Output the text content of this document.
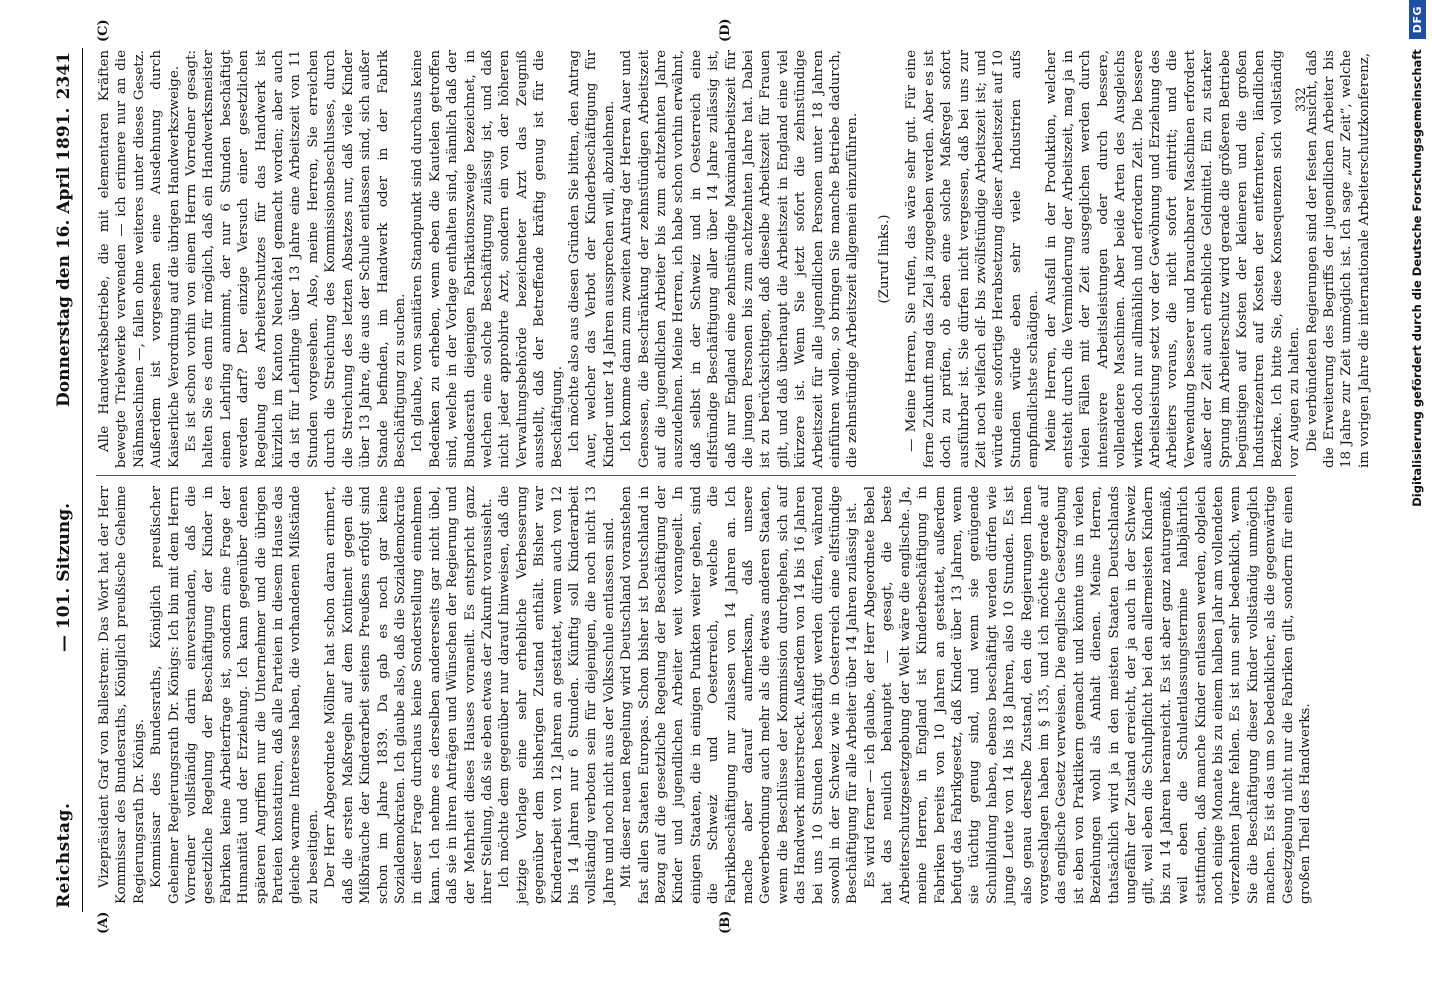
Reichstag.
— 101. Sitzung.
Donnerstag den 16. April 1891.
2341
(A)	(B)
(C)	(D)

Vizepräsident Graf von Ballestrem: Das Wort hat der Herr Kommissar des Bundesraths, Königlich preußische Geheime Regierungsrath Dr. Königs. Kommissar des Bundesraths, Königlich preußischer Geheimer Regierungsrath Dr. Königs: Ich bin mit dem Herrn Vorredner vollständig darin einverstanden, daß die gesetzliche Regelung der Beschäftigung der Kinder in Fabriken keine Arbeiterfrage ist, sondern eine Frage der Humanität und der Erziehung. Ich kann gegenüber denen späteren Angriffen nur die Unternehmer und die übrigen Parteien konstatiren, daß alle Parteien in diesem Hause das gleiche warme Interesse haben, die vorhandenen Mißstände zu beseitigen. Der Herr Abgeordnete Möllner hat schon daran erinnert, daß die ersten Maßregeln auf dem Kontinent gegen die Mißbräuche der Kinderarbeit seitens Preußens erfolgt sind schon im Jahre 1839. Da gab es noch gar keine Sozialdemokraten. Ich glaube also, daß die Sozialdemokratie in dieser Frage durchaus keine Sonderstellung einnehmen kann. Ich nehme es derselben andererseits gar nicht übel, daß sie in ihren Anträgen und Wünschen der Regierung und der Mehrheit dieses Hauses voraneilt. Es entspricht ganz ihrer Stellung, daß sie eben etwas der Zukunft voraussieht. Ich möchte dem gegenüber nur darauf hinweisen, daß die jetzige Vorlage eine sehr erhebliche Verbesserung gegenüber dem bisherigen Zustand enthält. Bisher war Kinderarbeit von 12 Jahren an gestattet, wenn auch von 12 bis 14 Jahren nur 6 Stunden. Künftig soll Kinderarbeit vollständig verboten sein für diejenigen, die noch nicht 13 Jahre und noch nicht aus der Volksschule entlassen sind. Mit dieser neuen Regelung wird Deutschland voranstehen fast allen Staaten Europas. Schon bisher ist Deutschland in Bezug auf die gesetzliche Regelung der Beschäftigung der Kinder und jugendlichen Arbeiter weit vorangeeilt. In einigen Staaten, die in einigen Punkten weiter gehen, sind die Schweiz und Oesterreich, welche die Fabrikbeschäftigung nur zulassen von 14 Jahren an. Ich mache aber darauf aufmerksam, daß unsere Gewerbeordnung auch mehr als die etwas anderen Staaten, wenn die Beschlüsse der Kommission durchgehen, sich auf das Handwerk miterstreckt. Außerdem von 14 bis 16 Jahren bei uns 10 Stunden beschäftigt werden dürfen, während sowohl in der Schweiz wie in Oesterreich eine elfstündige Beschäftigung für alle Arbeiter über 14 Jahren zulässig ist. Es wird ferner — ich glaube, der Herr Abgeordnete Bebel hat das neulich behauptet — gesagt, die beste Arbeiterschutzgesetzgebung der Welt wäre die englische. Ja, meine Herren, in England ist Kinderbeschäftigung in Fabriken bereits von 10 Jahren an gestattet, außerdem befugt das Fabrikgesetz, daß Kinder über 13 Jahren, wenn sie tüchtig genug sind, und wenn sie genügende Schulbildung haben, ebenso beschäftigt werden dürfen wie junge Leute von 14 bis 18 Jahren, also 10 Stunden. Es ist also genau derselbe Zustand, den die Regierungen Ihnen vorgeschlagen haben im § 135, und ich möchte gerade auf das englische Gesetz verweisen. Die englische Gesetzgebung ist eben von Praktikern gemacht und könnte uns in vielen Beziehungen wohl als Anhalt dienen. Meine Herren, thatsächlich wird ja in den meisten Staaten Deutschlands ungefähr der Zustand erreicht, der ja auch in der Schweiz gilt, weil eben die Schulpflicht bei den allermeisten Kindern bis zu 14 Jahren heranreicht. Es ist aber ganz naturgemäß, weil eben die Schulentlassungstermine halbjährlich stattfinden, daß manche Kinder entlassen werden, obgleich noch einige Monate bis zu einem halben Jahr am vollendeten vierzehnten Jahre fehlen. Es ist nun sehr bedenklich, wenn Sie die Beschäftigung dieser Kinder vollständig unmöglich machen. Es ist das um so bedenklicher, als die gegenwärtige Gesetzgebung nicht nur die Fabriken gilt, sondern für einen großen Theil des Handwerks.

Alle Handwerksbetriebe, die mit elementaren Kräften bewegte Triebwerke verwenden — ich erinnere nur an die Nähmaschinen —, fallen ohne weiteres unter dieses Gesetz. Außerdem ist vorgesehen eine Ausdehnung durch Kaiserliche Verordnung auf die übrigen Handwerkszweige. Es ist schon vorhin von einem Herrn Vorredner gesagt: halten Sie es denn für möglich, daß ein Handwerksmeister einen Lehrling annimmt, der nur 6 Stunden beschäftigt werden darf? Der einzige Versuch einer gesetzlichen Regelung des Arbeiterschutzes für das Handwerk ist kürzlich im Kanton Neuchâtel gemacht worden; aber auch da ist für Lehrlinge über 13 Jahre eine Arbeitszeit von 11 Stunden vorgesehen. Also, meine Herren, Sie erreichen durch die Streichung des Kommissionsbeschlusses, durch die Streichung des letzten Absatzes nur, daß viele Kinder über 13 Jahre, die aus der Schule entlassen sind, sich außer Stande befinden, im Handwerk oder in der Fabrik Beschäftigung zu suchen. Ich glaube, vom sanitären Standpunkt sind durchaus keine Bedenken zu erheben, wenn eben die Kautelen getroffen sind, welche in der Vorlage enthalten sind, nämlich daß der Bundesrath diejenigen Fabrikationszweige bezeichnet, in welchen eine solche Beschäftigung zulässig ist, und daß nicht jeder approbirte Arzt, sondern ein von der höheren Verwaltungsbehörde bezeichneter Arzt das Zeugniß ausstellt, daß der Betreffende kräftig genug ist für die Beschäftigung. Ich möchte also aus diesen Gründen Sie bitten, den Antrag Auer, welcher das Verbot der Kinderbeschäftigung für Kinder unter 14 Jahren aussprechen will, abzulehnen. Ich komme dann zum zweiten Antrag der Herren Auer und Genossen, die Beschränkung der zehnstündigen Arbeitszeit auf die jugendlichen Arbeiter bis zum achtzehnten Jahre auszudehnen. Meine Herren, ich habe schon vorhin erwähnt, daß selbst in der Schweiz und in Oesterreich eine elfstündige Beschäftigung aller über 14 Jahre zulässig ist, daß nur England eine zehnstündige Maximalarbeitszeit für die jungen Personen bis zum achtzehnten Jahre hat. Dabei ist zu berücksichtigen, daß dieselbe Arbeitszeit für Frauen gilt, und daß überhaupt die Arbeitszeit in England eine viel kürzere ist. Wenn Sie jetzt sofort die zehnstündige Arbeitszeit für alle jugendlichen Personen unter 18 Jahren einführen wollen, so bringen Sie manche Betriebe dadurch, die zehnstündige Arbeitszeit allgemein einzuführen. (Zuruf links.) — Meine Herren, Sie rufen, das wäre sehr gut. Für eine ferne Zukunft mag das Ziel ja zugegeben werden. Aber es ist doch zu prüfen, ob eben eine solche Maßregel sofort ausführbar ist. Sie dürfen nicht vergessen, daß bei uns zur Zeit noch vielfach elf- bis zwölfstündige Arbeitszeit ist; und würde eine sofortige Herabsetzung dieser Arbeitszeit auf 10 Stunden würde eben sehr viele Industrien aufs empfindlichste schädigen. Meine Herren, der Ausfall in der Produktion, welcher entsteht durch die Verminderung der Arbeitszeit, mag ja in vielen Fällen mit der Zeit ausgeglichen werden durch intensivere Arbeitsleistungen oder durch bessere, vollendetere Maschinen. Aber beide Arten des Ausgleichs wirken doch nur allmählich und erfordern Zeit. Die bessere Arbeitsleistung setzt vor der Gewöhnung und Erziehung des Arbeiters voraus, die nicht sofort eintritt; und die Verwendung besserer und brauchbarer Maschinen erfordert außer der Zeit auch erhebliche Geldmittel. Ein zu starker Sprung im Arbeiterschutz wird gerade die größeren Betriebe begünstigen auf Kosten der kleineren und die großen Industriezentren auf Kosten der entfernteren, ländlichen Bezirke. Ich bitte Sie, diese Konsequenzen sich vollständig vor Augen zu halten. Die verbündeten Regierungen sind der festen Ansicht, daß die Erweiterung des Begriffs der jugendlichen Arbeiter bis 18 Jahre zur Zeit unmöglich ist. Ich sage „zur Zeit“, welche im vorigen Jahre die internationale Arbeiterschutzkonferenz,

332	Digitalisierung gefördert durch die Deutsche Forschungsgemeinschaft
DFG
